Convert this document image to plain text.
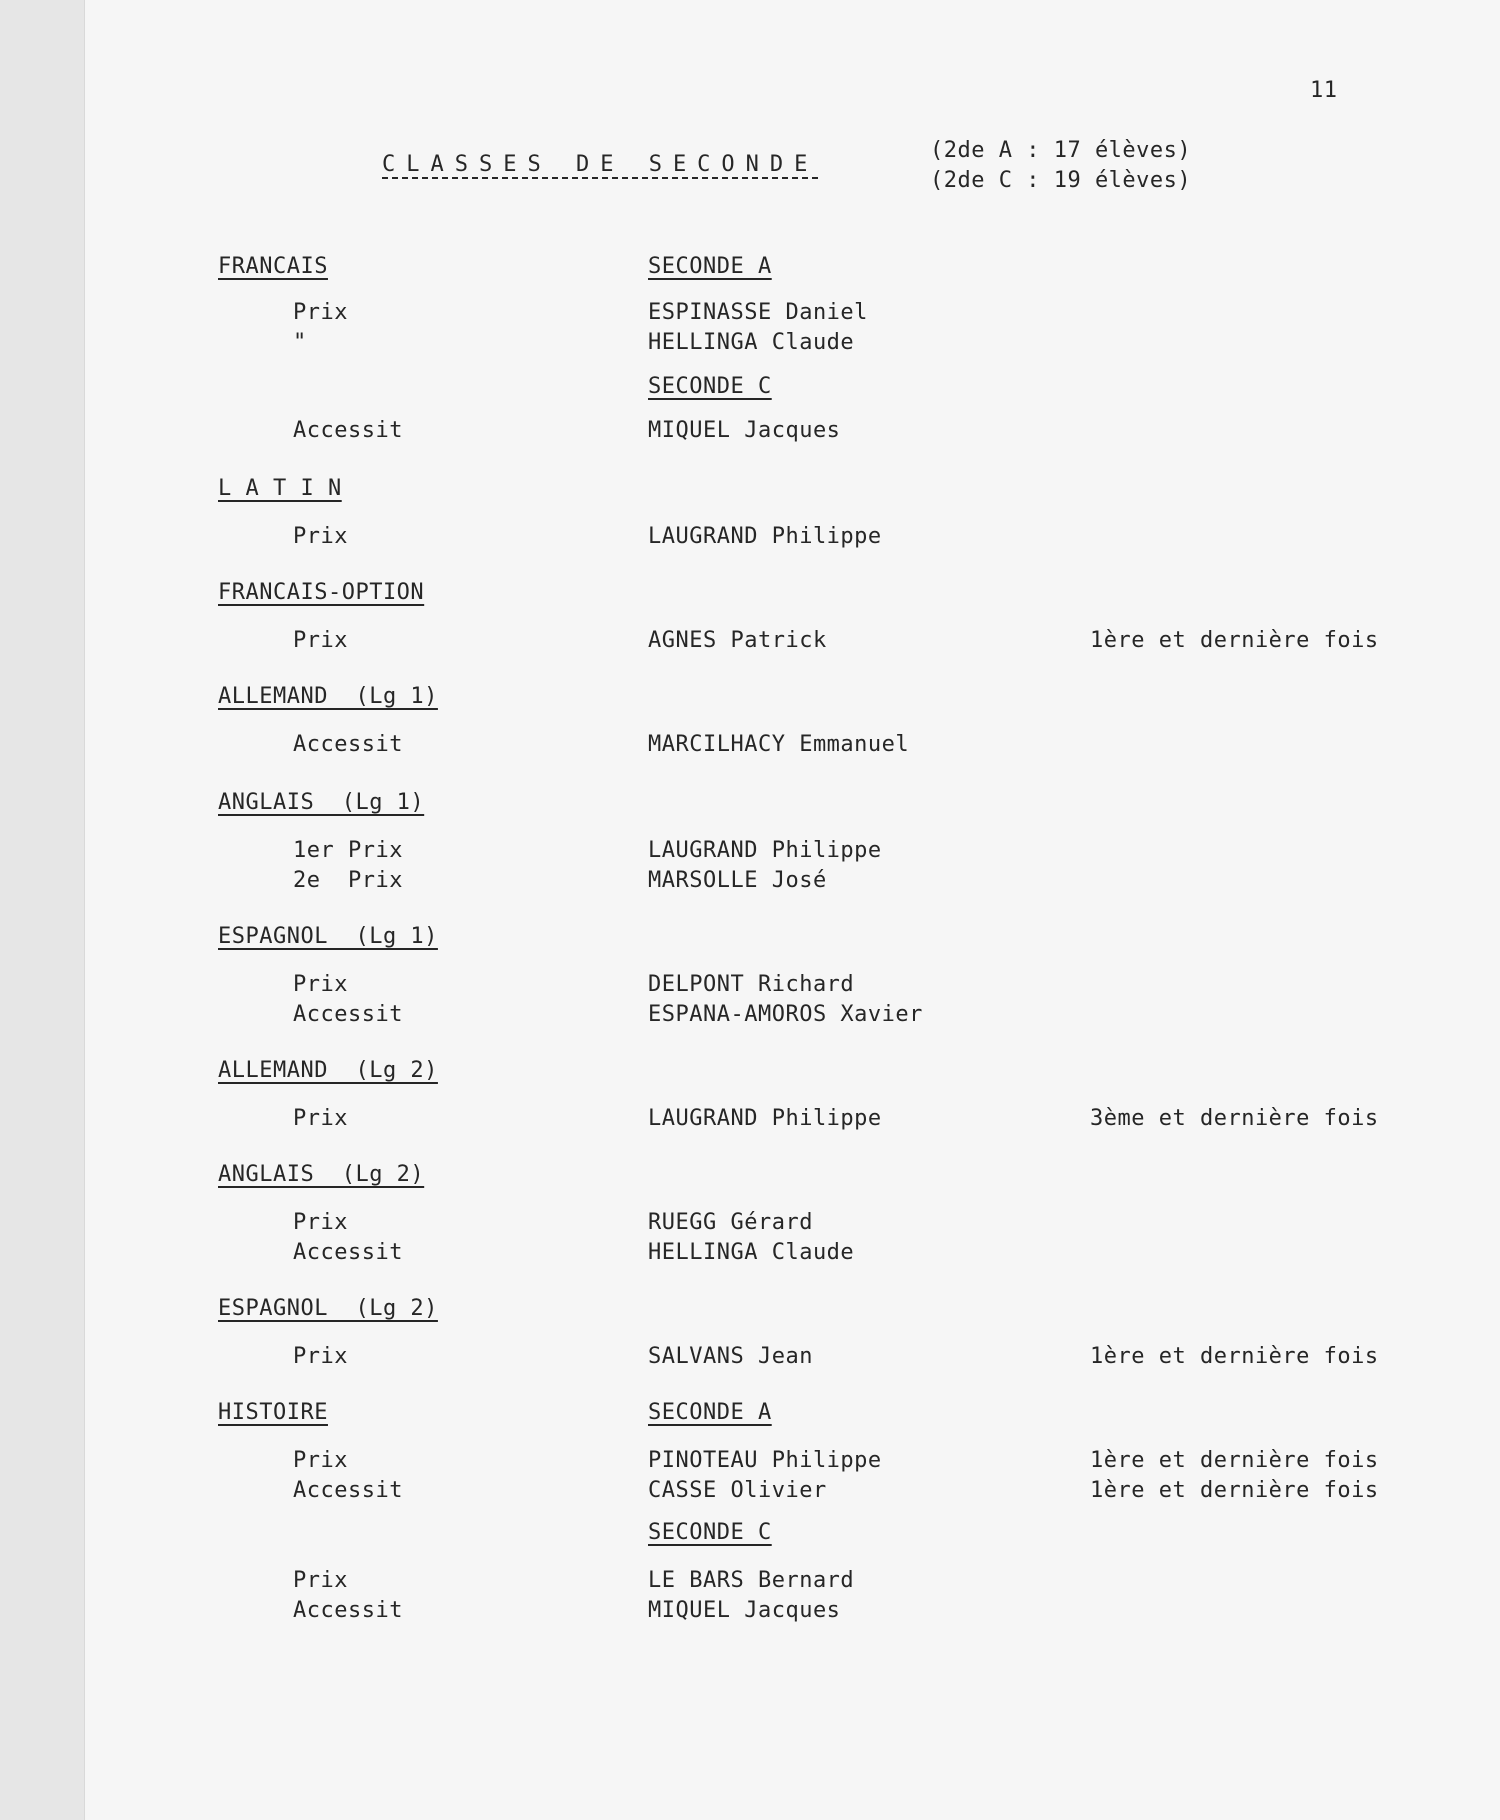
11
CLASSES DE SECONDE
(2de A : 17 élèves)
(2de C : 19 élèves)
FRANCAIS	SECONDE A
Prix	ESPINASSE Daniel
"	HELLINGA Claude
SECONDE C
Accessit	MIQUEL Jacques
L A T I N
Prix	LAUGRAND Philippe
FRANCAIS-OPTION
Prix	AGNES Patrick	1ère et dernière fois
ALLEMAND  (Lg 1)
Accessit	MARCILHACY Emmanuel
ANGLAIS  (Lg 1)
1er Prix	LAUGRAND Philippe
2e  Prix	MARSOLLE José
ESPAGNOL  (Lg 1)
Prix	DELPONT Richard
Accessit	ESPANA-AMOROS Xavier
ALLEMAND  (Lg 2)
Prix	LAUGRAND Philippe	3ème et dernière fois
ANGLAIS  (Lg 2)
Prix	RUEGG Gérard
Accessit	HELLINGA Claude
ESPAGNOL  (Lg 2)
Prix	SALVANS Jean	1ère et dernière fois
HISTOIRE	SECONDE A
Prix	PINOTEAU Philippe	1ère et dernière fois
Accessit	CASSE Olivier	1ère et dernière fois
SECONDE C
Prix	LE BARS Bernard
Accessit	MIQUEL Jacques
